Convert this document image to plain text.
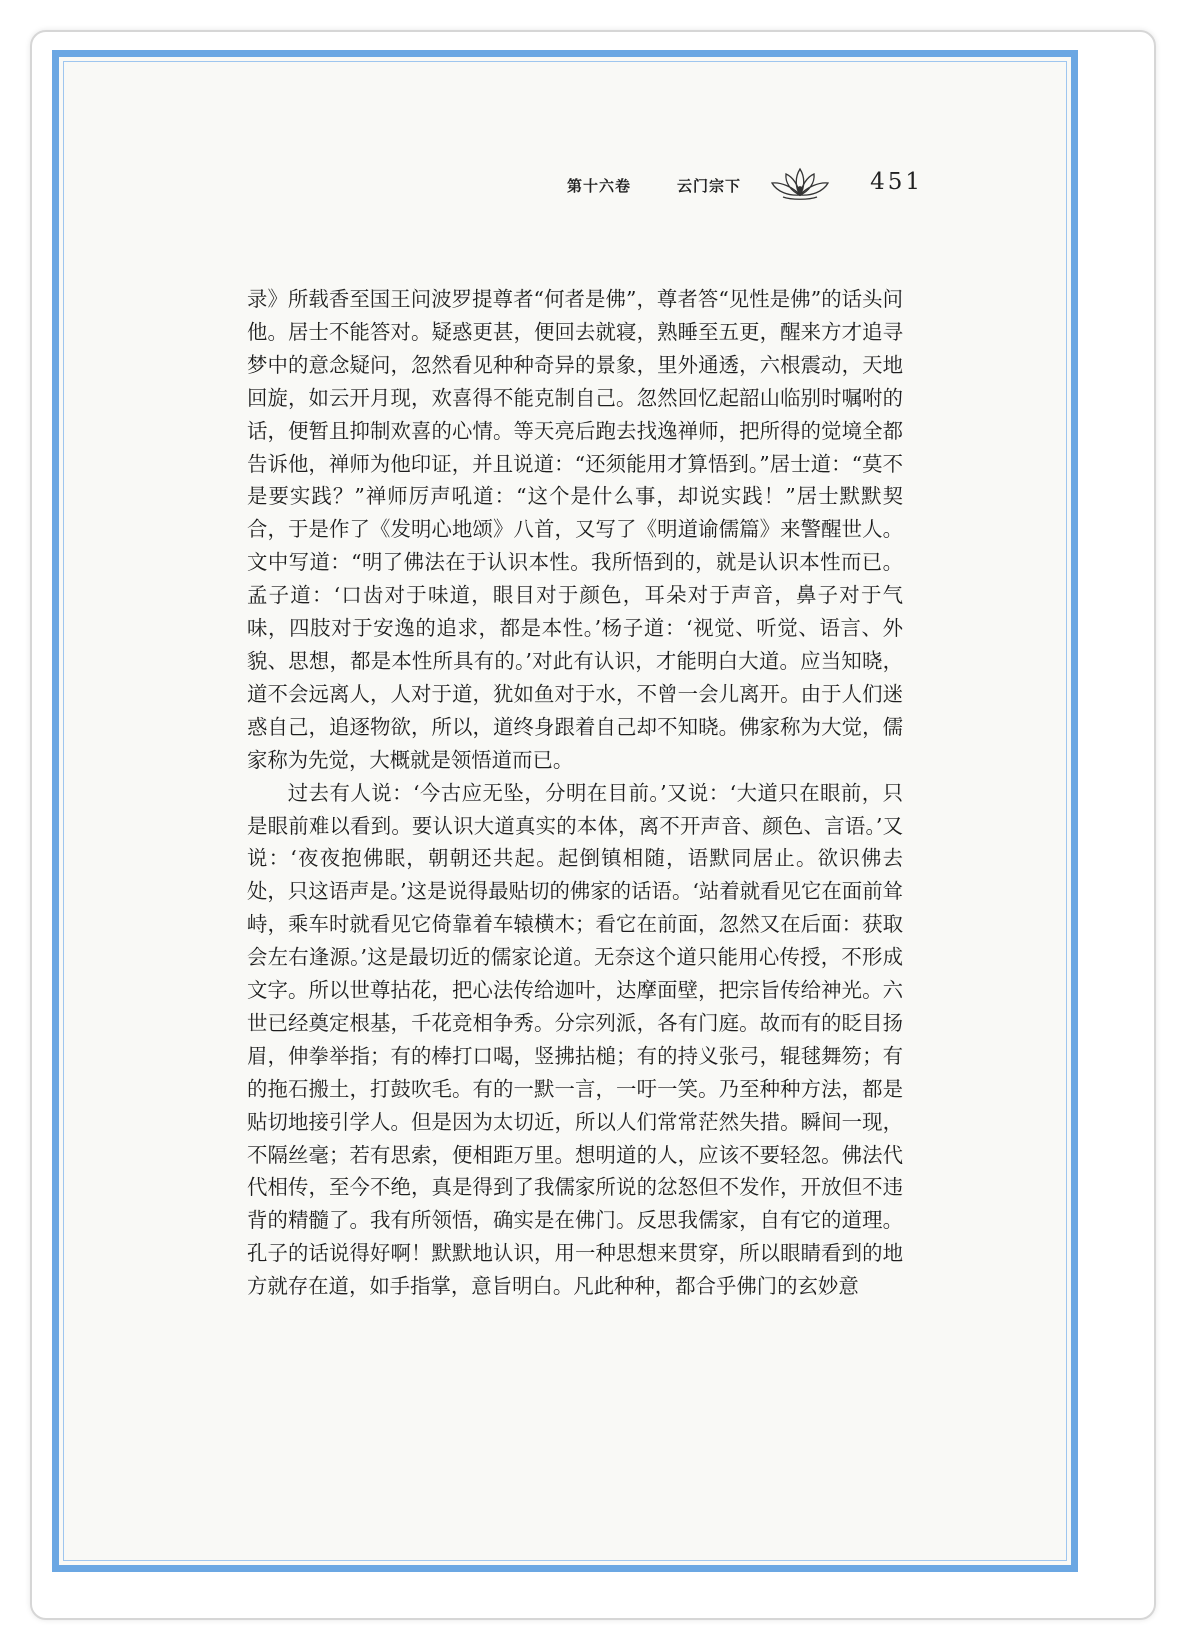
第十六卷	云门宗下	451

录》所载香至国王问波罗提尊者“何者是佛”，尊者答“见性是佛”的话头问他。居士不能答对。疑惑更甚，便回去就寝，熟睡至五更，醒来方才追寻梦中的意念疑问，忽然看见种种奇异的景象，里外通透，六根震动，天地回旋，如云开月现，欢喜得不能克制自己。忽然回忆起韶山临别时嘱咐的话，便暂且抑制欢喜的心情。等天亮后跑去找逸禅师，把所得的觉境全都告诉他，禅师为他印证，并且说道：“还须能用才算悟到。”居士道：“莫不是要实践？”禅师厉声吼道：“这个是什么事，却说实践！”居士默默契合，于是作了《发明心地颂》八首，又写了《明道谕儒篇》来警醒世人。文中写道：“明了佛法在于认识本性。我所悟到的，就是认识本性而已。孟子道：‘口齿对于味道，眼目对于颜色，耳朵对于声音，鼻子对于气味，四肢对于安逸的追求，都是本性。’杨子道：‘视觉、听觉、语言、外貌、思想，都是本性所具有的。’对此有认识，才能明白大道。应当知晓，道不会远离人，人对于道，犹如鱼对于水，不曾一会儿离开。由于人们迷惑自己，追逐物欲，所以，道终身跟着自己却不知晓。佛家称为大觉，儒家称为先觉，大概就是领悟道而已。

过去有人说：‘今古应无坠，分明在目前。’又说：‘大道只在眼前，只是眼前难以看到。要认识大道真实的本体，离不开声音、颜色、言语。’又说：‘夜夜抱佛眠，朝朝还共起。起倒镇相随，语默同居止。欲识佛去处，只这语声是。’这是说得最贴切的佛家的话语。‘站着就看见它在面前耸峙，乘车时就看见它倚靠着车辕横木；看它在前面，忽然又在后面：获取会左右逢源。’这是最切近的儒家论道。无奈这个道只能用心传授，不形成文字。所以世尊拈花，把心法传给迦叶，达摩面壁，把宗旨传给神光。六世已经奠定根基，千花竞相争秀。分宗列派，各有门庭。故而有的眨目扬眉，伸拳举指；有的棒打口喝，竖拂拈槌；有的持义张弓，辊毬舞笏；有的拖石搬土，打鼓吹毛。有的一默一言，一吁一笑。乃至种种方法，都是贴切地接引学人。但是因为太切近，所以人们常常茫然失措。瞬间一现，不隔丝毫；若有思索，便相距万里。想明道的人，应该不要轻忽。佛法代代相传，至今不绝，真是得到了我儒家所说的忿怒但不发作，开放但不违背的精髓了。我有所领悟，确实是在佛门。反思我儒家，自有它的道理。孔子的话说得好啊！默默地认识，用一种思想来贯穿，所以眼睛看到的地方就存在道，如手指掌，意旨明白。凡此种种，都合乎佛门的玄妙意
